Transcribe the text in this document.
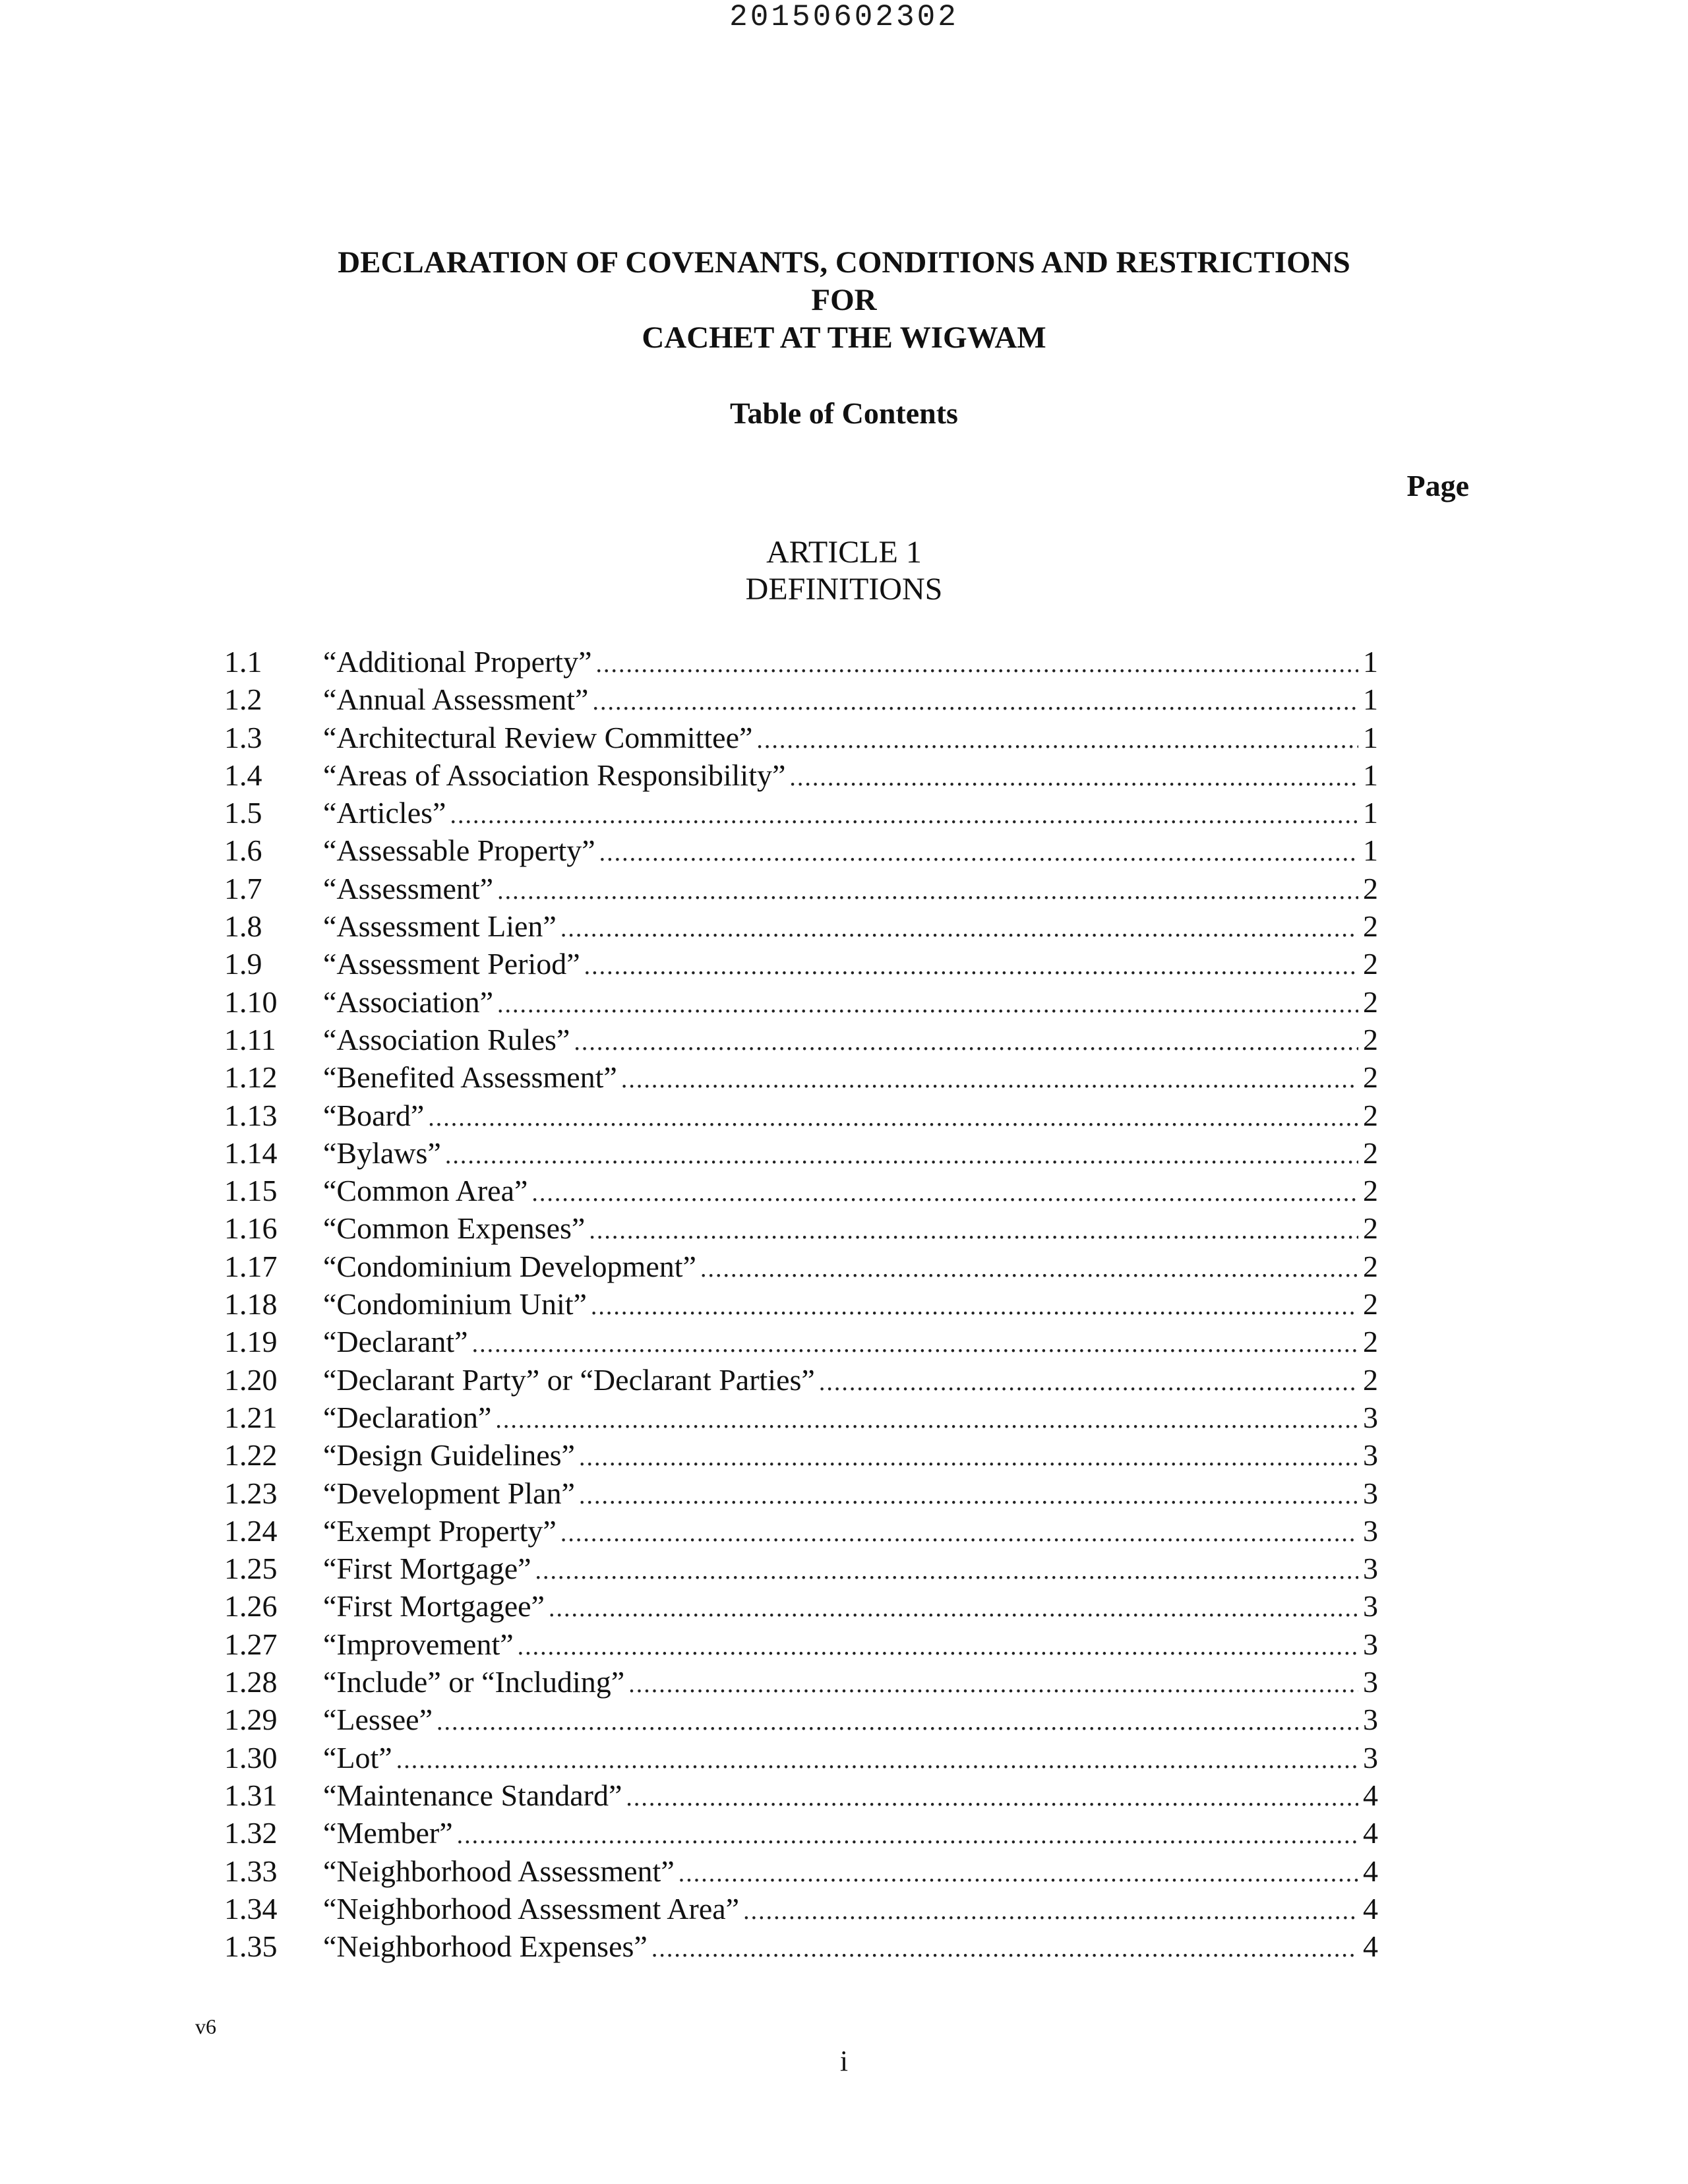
20150602302
DECLARATION OF COVENANTS, CONDITIONS AND RESTRICTIONS
FOR
CACHET AT THE WIGWAM
Table of Contents
Page
ARTICLE 1
DEFINITIONS
1.1	“Additional Property” .....	1
1.2	“Annual Assessment” .....	1
1.3	“Architectural Review Committee” .....	1
1.4	“Areas of Association Responsibility” .....	1
1.5	“Articles” .....	1
1.6	“Assessable Property” .....	1
1.7	“Assessment” .....	2
1.8	“Assessment Lien” .....	2
1.9	“Assessment Period” .....	2
1.10	“Association” .....	2
1.11	“Association Rules” .....	2
1.12	“Benefited Assessment” .....	2
1.13	“Board” .....	2
1.14	“Bylaws” .....	2
1.15	“Common Area” .....	2
1.16	“Common Expenses” .....	2
1.17	“Condominium Development” .....	2
1.18	“Condominium Unit” .....	2
1.19	“Declarant” .....	2
1.20	“Declarant Party” or “Declarant Parties” .....	2
1.21	“Declaration” .....	3
1.22	“Design Guidelines” .....	3
1.23	“Development Plan” .....	3
1.24	“Exempt Property” .....	3
1.25	“First Mortgage” .....	3
1.26	“First Mortgagee” .....	3
1.27	“Improvement” .....	3
1.28	“Include” or “Including” .....	3
1.29	“Lessee” .....	3
1.30	“Lot” .....	3
1.31	“Maintenance Standard” .....	4
1.32	“Member” .....	4
1.33	“Neighborhood Assessment” .....	4
1.34	“Neighborhood Assessment Area” .....	4
1.35	“Neighborhood Expenses” .....	4
v6
i
